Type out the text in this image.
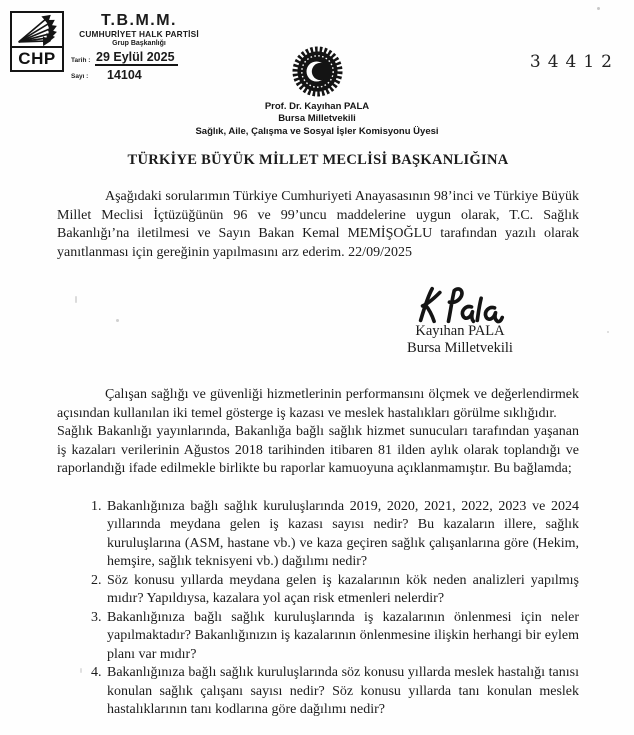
CHP
T.B.M.M.
CUMHURİYET HALK PARTİSİ
Grup Başkanlığı
Tarih : 29 Eylül 2025
Sayı :	14104
34412
Prof. Dr. Kayıhan PALA
Bursa Milletvekili
Sağlık, Aile, Çalışma ve Sosyal İşler Komisyonu Üyesi
TÜRKİYE BÜYÜK MİLLET MECLİSİ BAŞKANLIĞINA

Aşağıdaki sorularımın Türkiye Cumhuriyeti Anayasasının 98’inci ve Türkiye Büyük Millet Meclisi İçtüzüğünün 96 ve 99’uncu maddelerine uygun olarak, T.C. Sağlık Bakanlığı’na iletilmesi ve Sayın Bakan Kemal MEMİŞOĞLU tarafından yazılı olarak yanıtlanması için gereğinin yapılmasını arz ederim. 22/09/2025

Kayıhan PALA
Bursa Milletvekili

Çalışan sağlığı ve güvenliği hizmetlerinin performansını ölçmek ve değerlendirmek açısından kullanılan iki temel gösterge iş kazası ve meslek hastalıkları görülme sıklığıdır.

Sağlık Bakanlığı yayınlarında, Bakanlığa bağlı sağlık hizmet sunucuları tarafından yaşanan iş kazaları verilerinin Ağustos 2018 tarihinden itibaren 81 ilden aylık olarak toplandığı ve raporlandığı ifade edilmekle birlikte bu raporlar kamuoyuna açıklanmamıştır. Bu bağlamda;

1. Bakanlığınıza bağlı sağlık kuruluşlarında 2019, 2020, 2021, 2022, 2023 ve 2024 yıllarında meydana gelen iş kazası sayısı nedir? Bu kazaların illere, sağlık kuruluşlarına (ASM, hastane vb.) ve kaza geçiren sağlık çalışanlarına göre (Hekim, hemşire, sağlık teknisyeni vb.) dağılımı nedir?
2. Söz konusu yıllarda meydana gelen iş kazalarının kök neden analizleri yapılmış mıdır? Yapıldıysa, kazalara yol açan risk etmenleri nelerdir?
3. Bakanlığınıza bağlı sağlık kuruluşlarında iş kazalarının önlenmesi için neler yapılmaktadır? Bakanlığınızın iş kazalarının önlenmesine ilişkin herhangi bir eylem planı var mıdır?
4. Bakanlığınıza bağlı sağlık kuruluşlarında söz konusu yıllarda meslek hastalığı tanısı konulan sağlık çalışanı sayısı nedir? Söz konusu yıllarda tanı konulan meslek hastalıklarının tanı kodlarına göre dağılımı nedir?
